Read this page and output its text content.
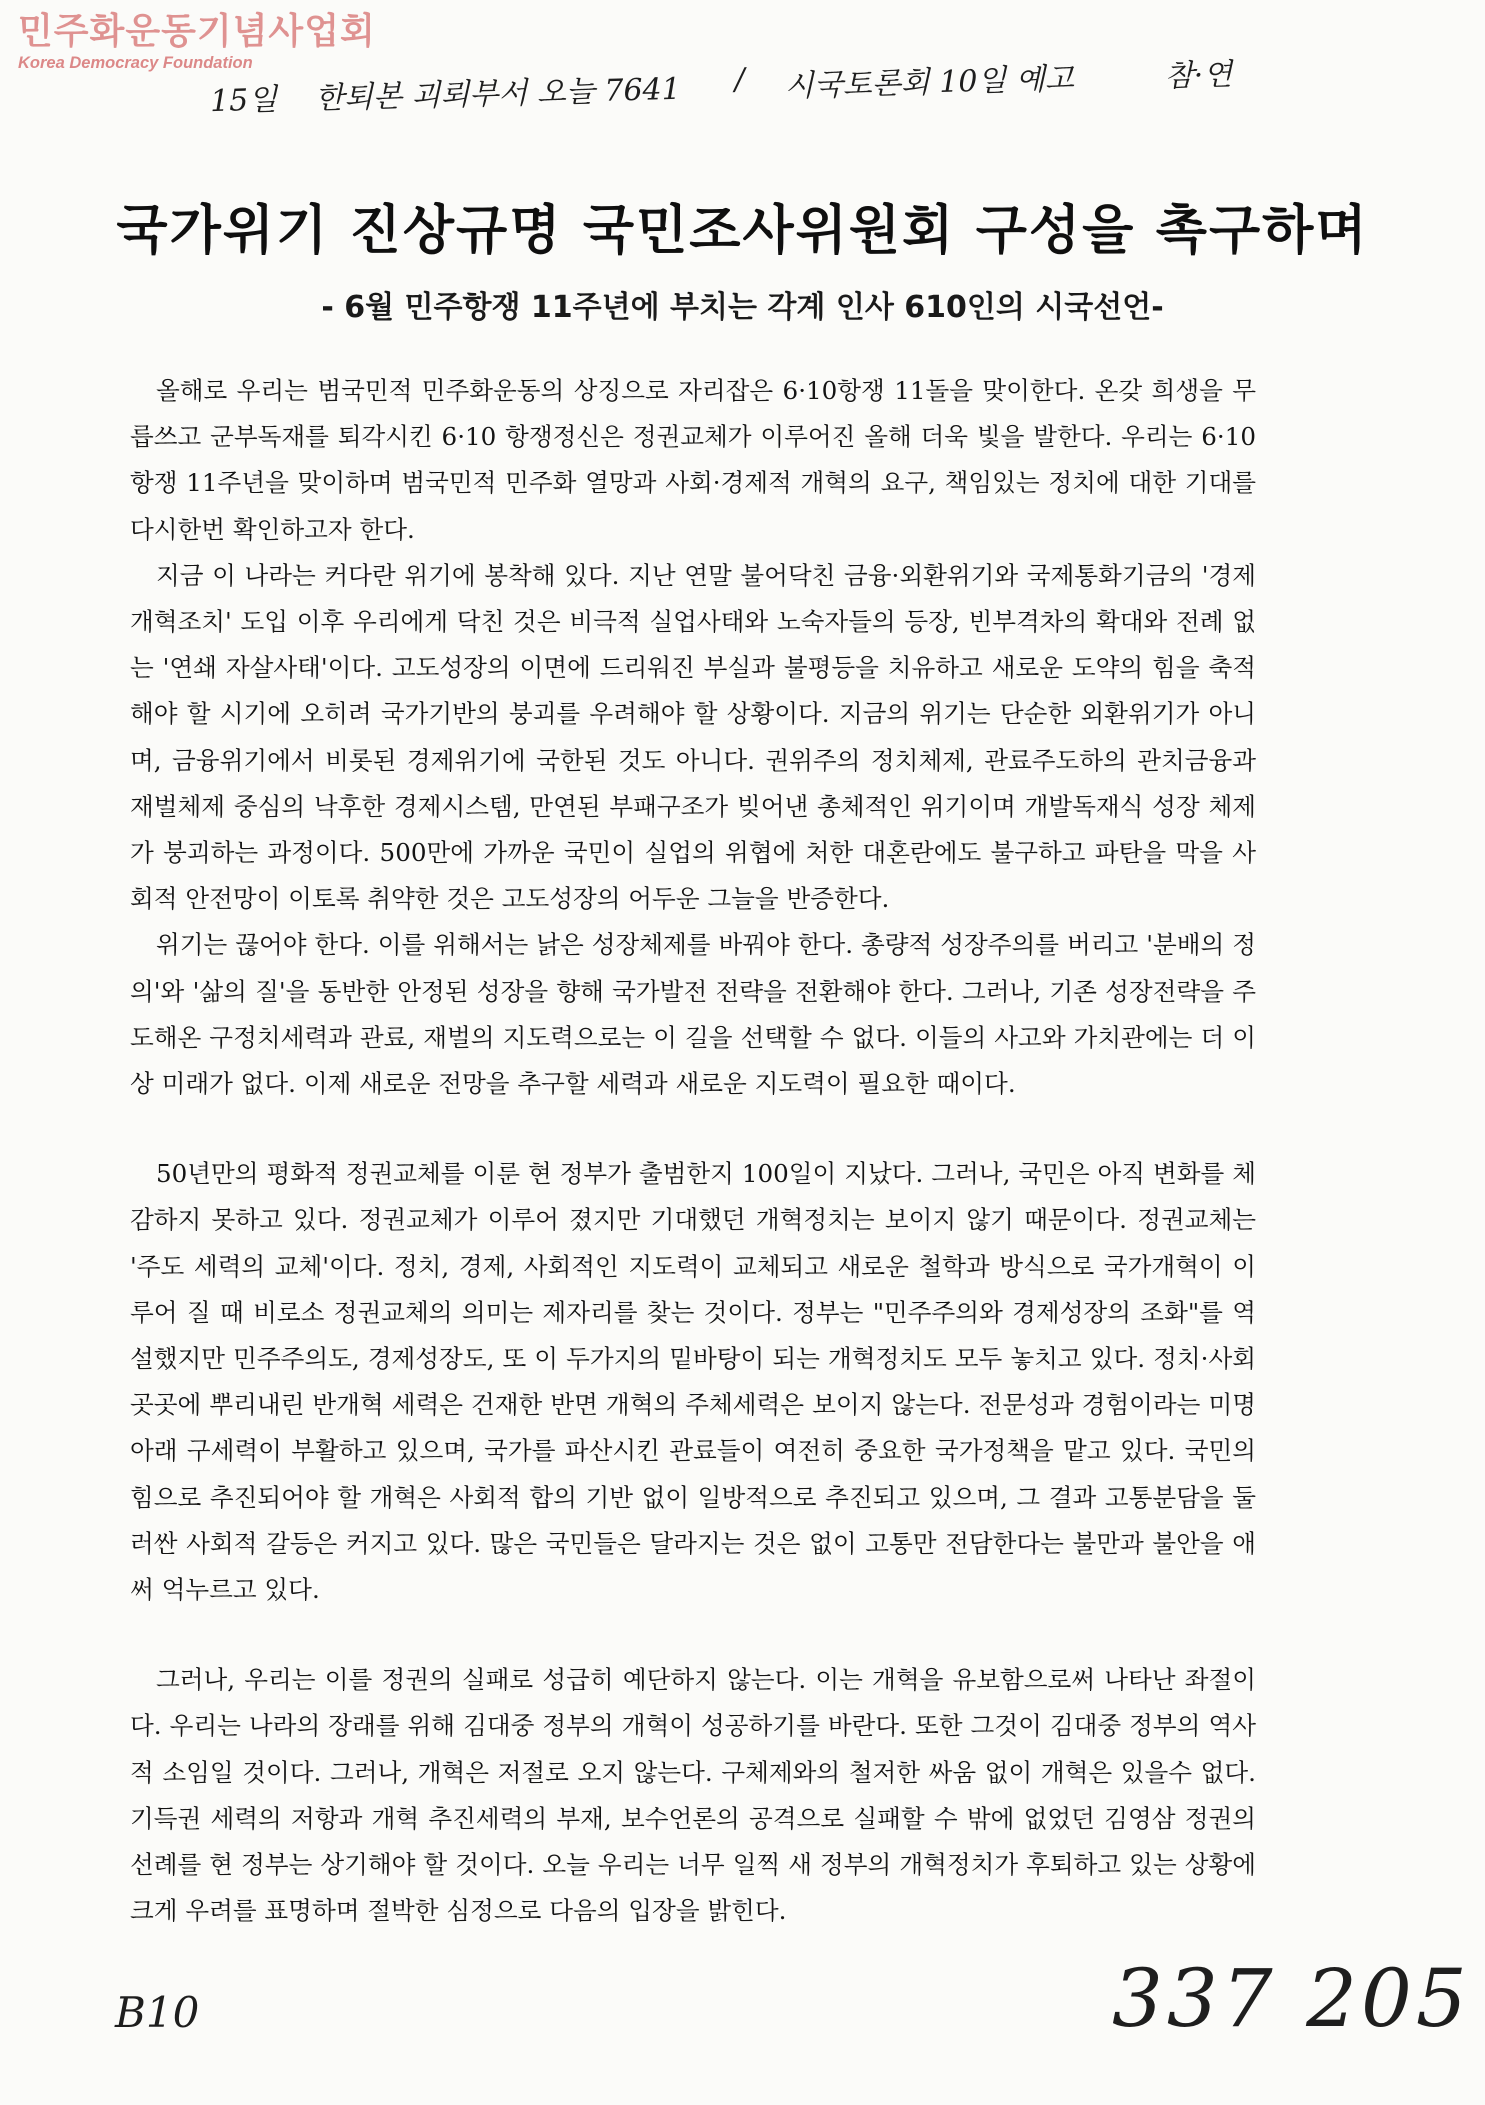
민주화운동기념사업회
Korea Democracy Foundation
15일 한퇴본 괴뢰부서 오늘 7641 / 시국토론회 10일 예고	참·연
국가위기 진상규명 국민조사위원회 구성을 촉구하며
- 6월 민주항쟁 11주년에 부치는 각계 인사 610인의 시국선언-

올해로 우리는 범국민적 민주화운동의 상징으로 자리잡은 6·10항쟁 11돌을 맞이한다. 온갖 희생을 무릅쓰고 군부독재를 퇴각시킨 6·10 항쟁정신은 정권교체가 이루어진 올해 더욱 빛을 발한다. 우리는 6·10항쟁 11주년을 맞이하며 범국민적 민주화 열망과 사회·경제적 개혁의 요구, 책임있는 정치에 대한 기대를 다시한번 확인하고자 한다.

지금 이 나라는 커다란 위기에 봉착해 있다. 지난 연말 불어닥친 금융·외환위기와 국제통화기금의 '경제개혁조치' 도입 이후 우리에게 닥친 것은 비극적 실업사태와 노숙자들의 등장, 빈부격차의 확대와 전례 없는 '연쇄 자살사태'이다. 고도성장의 이면에 드리워진 부실과 불평등을 치유하고 새로운 도약의 힘을 축적해야 할 시기에 오히려 국가기반의 붕괴를 우려해야 할 상황이다. 지금의 위기는 단순한 외환위기가 아니며, 금융위기에서 비롯된 경제위기에 국한된 것도 아니다. 권위주의 정치체제, 관료주도하의 관치금융과 재벌체제 중심의 낙후한 경제시스템, 만연된 부패구조가 빚어낸 총체적인 위기이며 개발독재식 성장 체제가 붕괴하는 과정이다. 500만에 가까운 국민이 실업의 위협에 처한 대혼란에도 불구하고 파탄을 막을 사회적 안전망이 이토록 취약한 것은 고도성장의 어두운 그늘을 반증한다.

위기는 끊어야 한다. 이를 위해서는 낡은 성장체제를 바꿔야 한다. 총량적 성장주의를 버리고 '분배의 정의'와 '삶의 질'을 동반한 안정된 성장을 향해 국가발전 전략을 전환해야 한다. 그러나, 기존 성장전략을 주도해온 구정치세력과 관료, 재벌의 지도력으로는 이 길을 선택할 수 없다. 이들의 사고와 가치관에는 더 이상 미래가 없다. 이제 새로운 전망을 추구할 세력과 새로운 지도력이 필요한 때이다.

50년만의 평화적 정권교체를 이룬 현 정부가 출범한지 100일이 지났다. 그러나, 국민은 아직 변화를 체감하지 못하고 있다. 정권교체가 이루어 졌지만 기대했던 개혁정치는 보이지 않기 때문이다. 정권교체는 '주도 세력의 교체'이다. 정치, 경제, 사회적인 지도력이 교체되고 새로운 철학과 방식으로 국가개혁이 이루어 질 때 비로소 정권교체의 의미는 제자리를 찾는 것이다. 정부는 "민주주의와 경제성장의 조화"를 역설했지만 민주주의도, 경제성장도, 또 이 두가지의 밑바탕이 되는 개혁정치도 모두 놓치고 있다. 정치·사회 곳곳에 뿌리내린 반개혁 세력은 건재한 반면 개혁의 주체세력은 보이지 않는다. 전문성과 경험이라는 미명아래 구세력이 부활하고 있으며, 국가를 파산시킨 관료들이 여전히 중요한 국가정책을 맡고 있다. 국민의 힘으로 추진되어야 할 개혁은 사회적 합의 기반 없이 일방적으로 추진되고 있으며, 그 결과 고통분담을 둘러싼 사회적 갈등은 커지고 있다. 많은 국민들은 달라지는 것은 없이 고통만 전담한다는 불만과 불안을 애써 억누르고 있다.

그러나, 우리는 이를 정권의 실패로 성급히 예단하지 않는다. 이는 개혁을 유보함으로써 나타난 좌절이다. 우리는 나라의 장래를 위해 김대중 정부의 개혁이 성공하기를 바란다. 또한 그것이 김대중 정부의 역사적 소임일 것이다. 그러나, 개혁은 저절로 오지 않는다. 구체제와의 철저한 싸움 없이 개혁은 있을수 없다. 기득권 세력의 저항과 개혁 추진세력의 부재, 보수언론의 공격으로 실패할 수 밖에 없었던 김영삼 정권의 선례를 현 정부는 상기해야 할 것이다. 오늘 우리는 너무 일찍 새 정부의 개혁정치가 후퇴하고 있는 상황에 크게 우려를 표명하며 절박한 심정으로 다음의 입장을 밝힌다.

B10	337 205
